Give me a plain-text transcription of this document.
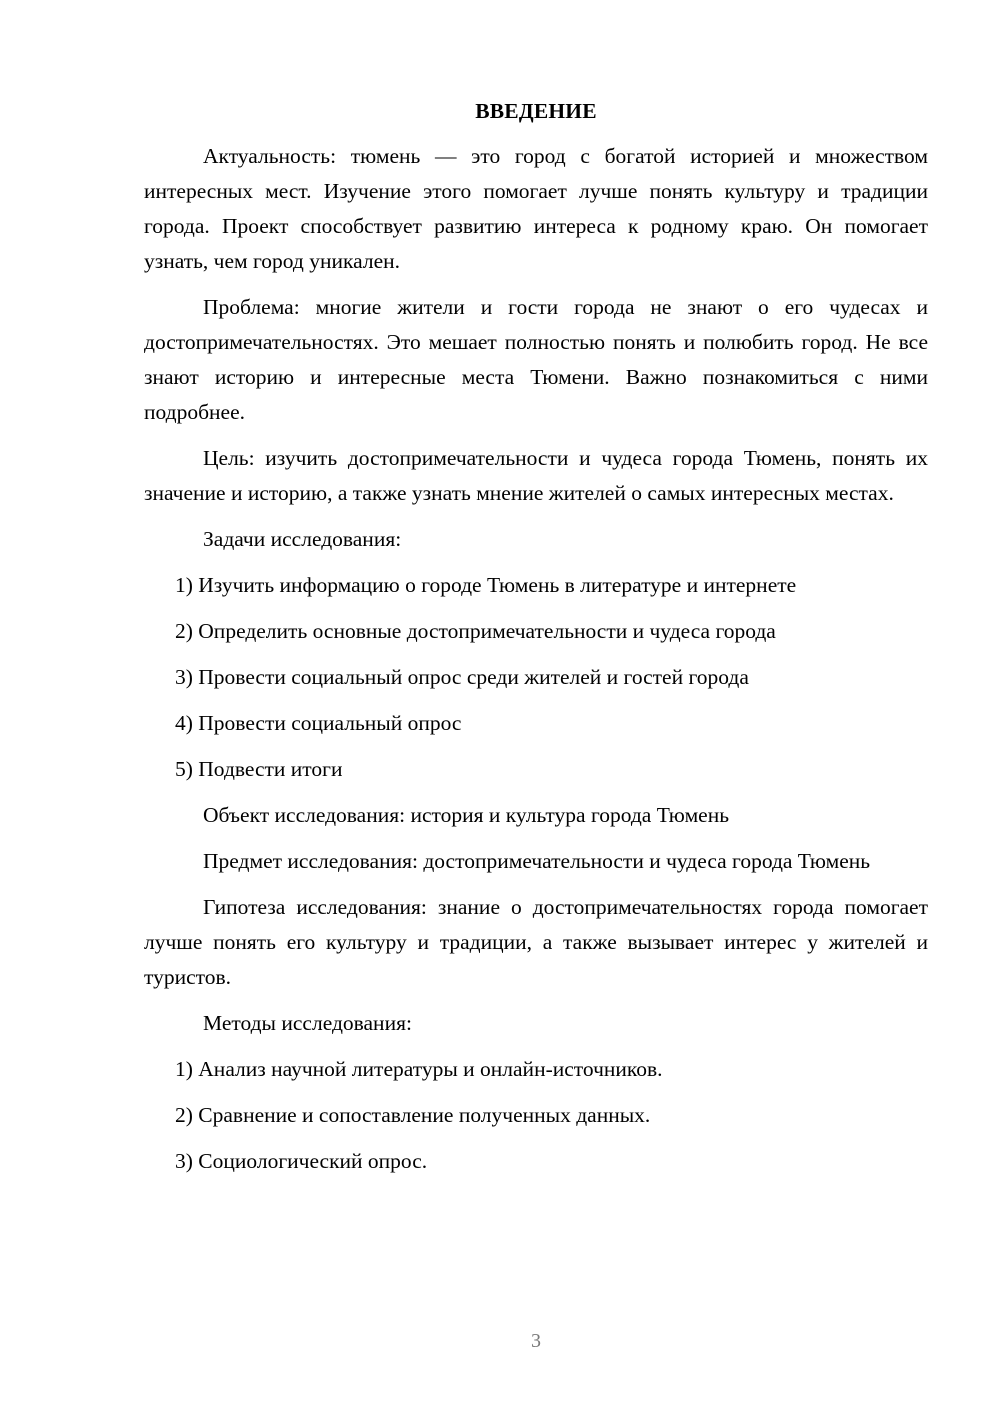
ВВЕДЕНИЕ
Актуальность: тюмень — это город с богатой историей и множеством интересных мест. Изучение этого помогает лучше понять культуру и традиции города. Проект способствует развитию интереса к родному краю. Он помогает узнать, чем город уникален.
Проблема: многие жители и гости города не знают о его чудесах и достопримечательностях. Это мешает полностью понять и полюбить город. Не все знают историю и интересные места Тюмени. Важно познакомиться с ними подробнее.
Цель: изучить достопримечательности и чудеса города Тюмень, понять их значение и историю, а также узнать мнение жителей о самых интересных местах.
Задачи исследования:
1) Изучить информацию о городе Тюмень в литературе и интернете
2) Определить основные достопримечательности и чудеса города
3) Провести социальный опрос среди жителей и гостей города
4) Провести социальный опрос
5) Подвести итоги
Объект исследования: история и культура города Тюмень
Предмет исследования: достопримечательности и чудеса города Тюмень
Гипотеза исследования: знание о достопримечательностях города помогает лучше понять его культуру и традиции, а также вызывает интерес у жителей и туристов.
Методы исследования:
1) Анализ научной литературы и онлайн-источников.
2) Сравнение и сопоставление полученных данных.
3) Социологический опрос.
3
